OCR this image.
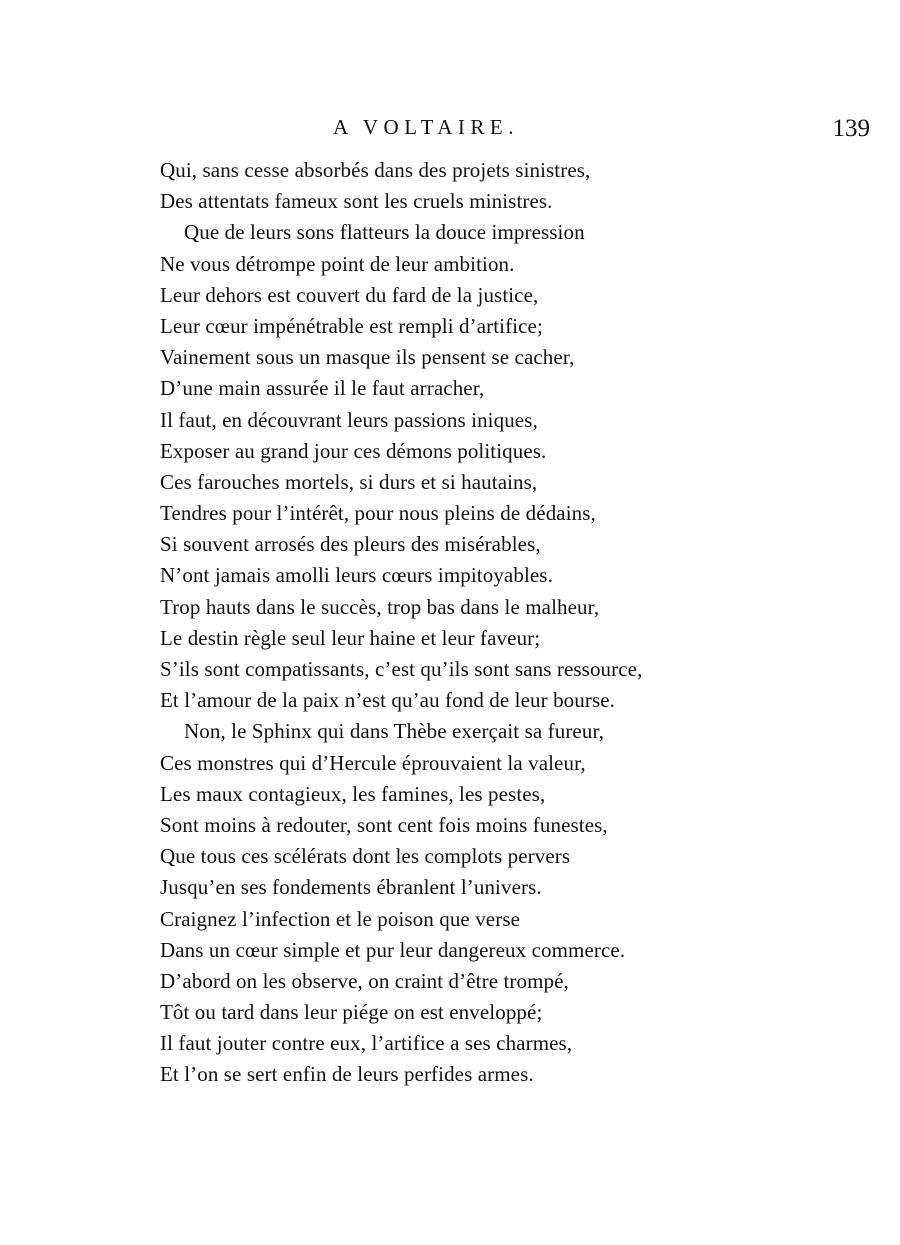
A VOLTAIRE.	139
Qui, sans cesse absorbés dans des projets sinistres,
Des attentats fameux sont les cruels ministres.
Que de leurs sons flatteurs la douce impression
Ne vous détrompe point de leur ambition.
Leur dehors est couvert du fard de la justice,
Leur cœur impénétrable est rempli d’artifice;
Vainement sous un masque ils pensent se cacher,
D’une main assurée il le faut arracher,
Il faut, en découvrant leurs passions iniques,
Exposer au grand jour ces démons politiques.
Ces farouches mortels, si durs et si hautains,
Tendres pour l’intérêt, pour nous pleins de dédains,
Si souvent arrosés des pleurs des misérables,
N’ont jamais amolli leurs cœurs impitoyables.
Trop hauts dans le succès, trop bas dans le malheur,
Le destin règle seul leur haine et leur faveur;
S’ils sont compatissants, c’est qu’ils sont sans ressource,
Et l’amour de la paix n’est qu’au fond de leur bourse.
Non, le Sphinx qui dans Thèbe exerçait sa fureur,
Ces monstres qui d’Hercule éprouvaient la valeur,
Les maux contagieux, les famines, les pestes,
Sont moins à redouter, sont cent fois moins funestes,
Que tous ces scélérats dont les complots pervers
Jusqu’en ses fondements ébranlent l’univers.
Craignez l’infection et le poison que verse
Dans un cœur simple et pur leur dangereux commerce.
D’abord on les observe, on craint d’être trompé,
Tôt ou tard dans leur piége on est enveloppé;
Il faut jouter contre eux, l’artifice a ses charmes,
Et l’on se sert enfin de leurs perfides armes.
